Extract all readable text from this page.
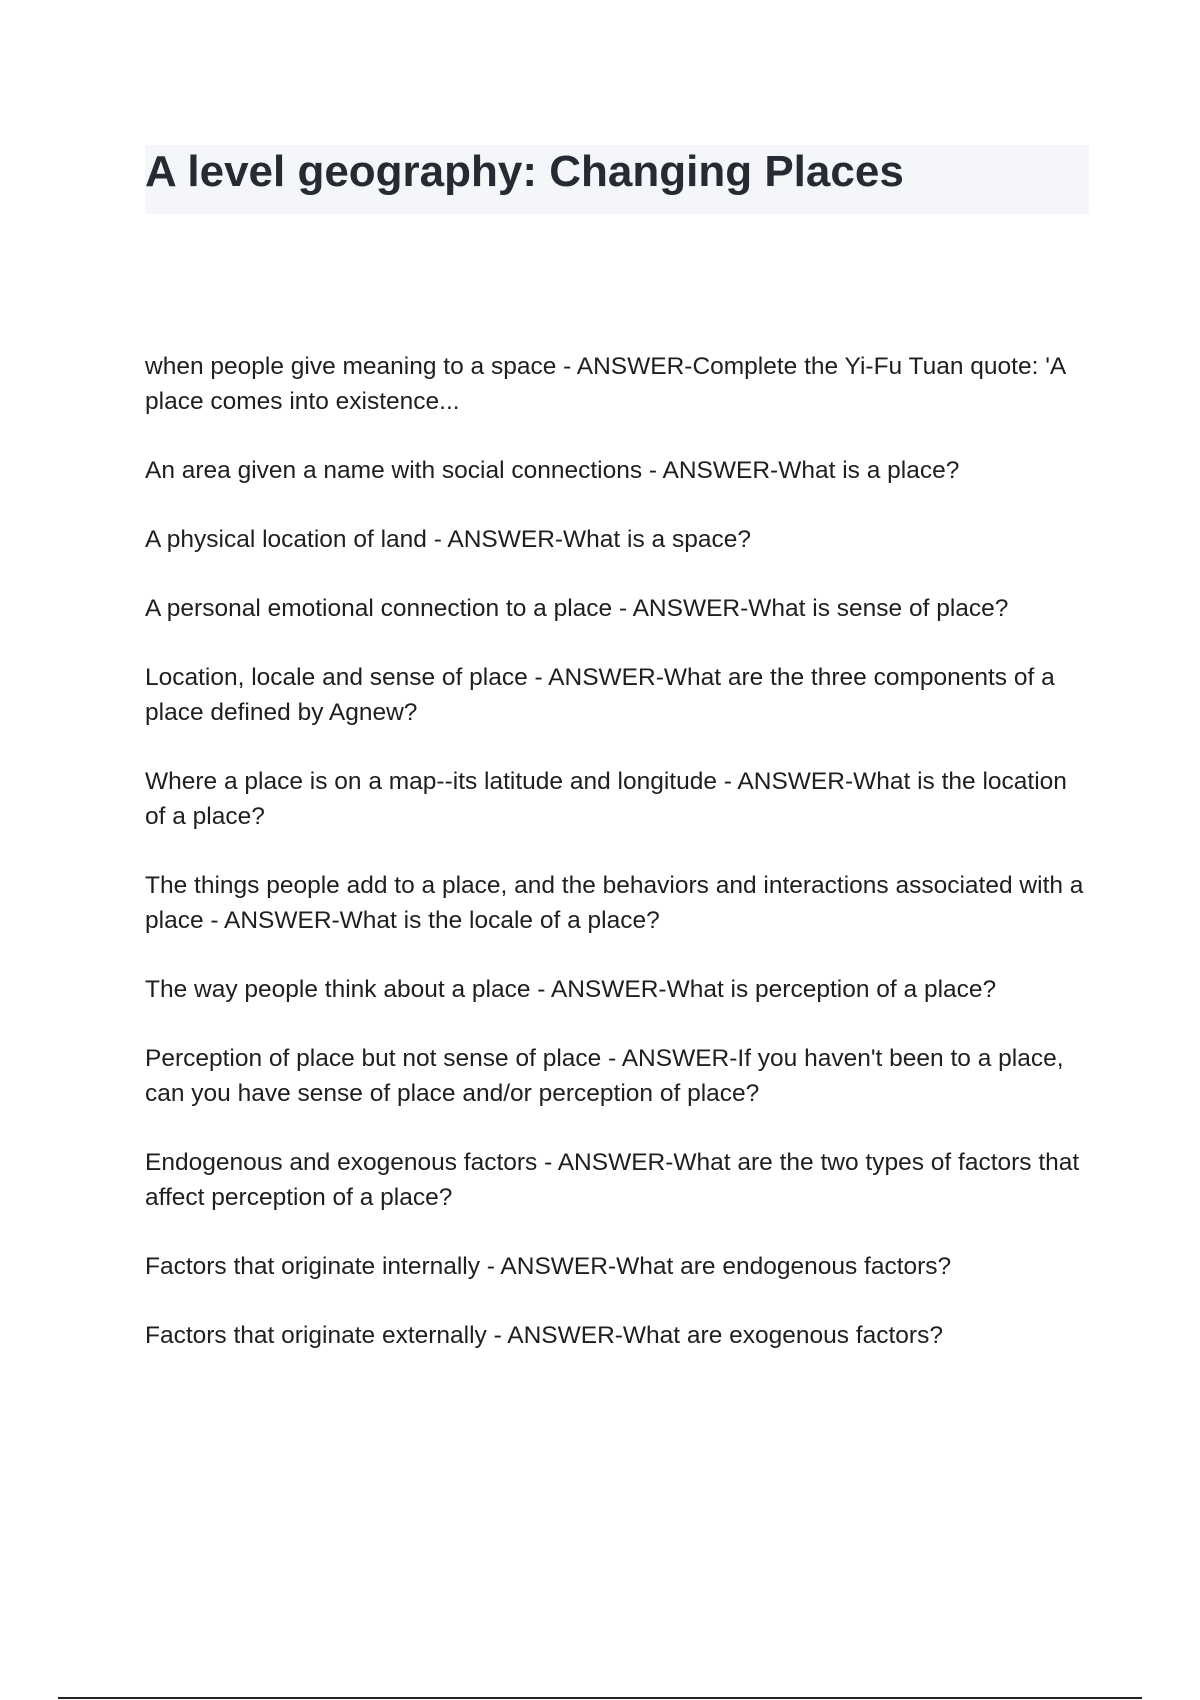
A level geography: Changing Places
when people give meaning to a space - ANSWER-Complete the Yi-Fu Tuan quote: 'A place comes into existence...
An area given a name with social connections - ANSWER-What is a place?
A physical location of land - ANSWER-What is a space?
A personal emotional connection to a place - ANSWER-What is sense of place?
Location, locale and sense of place - ANSWER-What are the three components of a place defined by Agnew?
Where a place is on a map--its latitude and longitude - ANSWER-What is the location of a place?
The things people add to a place, and the behaviors and interactions associated with a place - ANSWER-What is the locale of a place?
The way people think about a place - ANSWER-What is perception of a place?
Perception of place but not sense of place - ANSWER-If you haven't been to a place, can you have sense of place and/or perception of place?
Endogenous and exogenous factors - ANSWER-What are the two types of factors that affect perception of a place?
Factors that originate internally - ANSWER-What are endogenous factors?
Factors that originate externally - ANSWER-What are exogenous factors?
